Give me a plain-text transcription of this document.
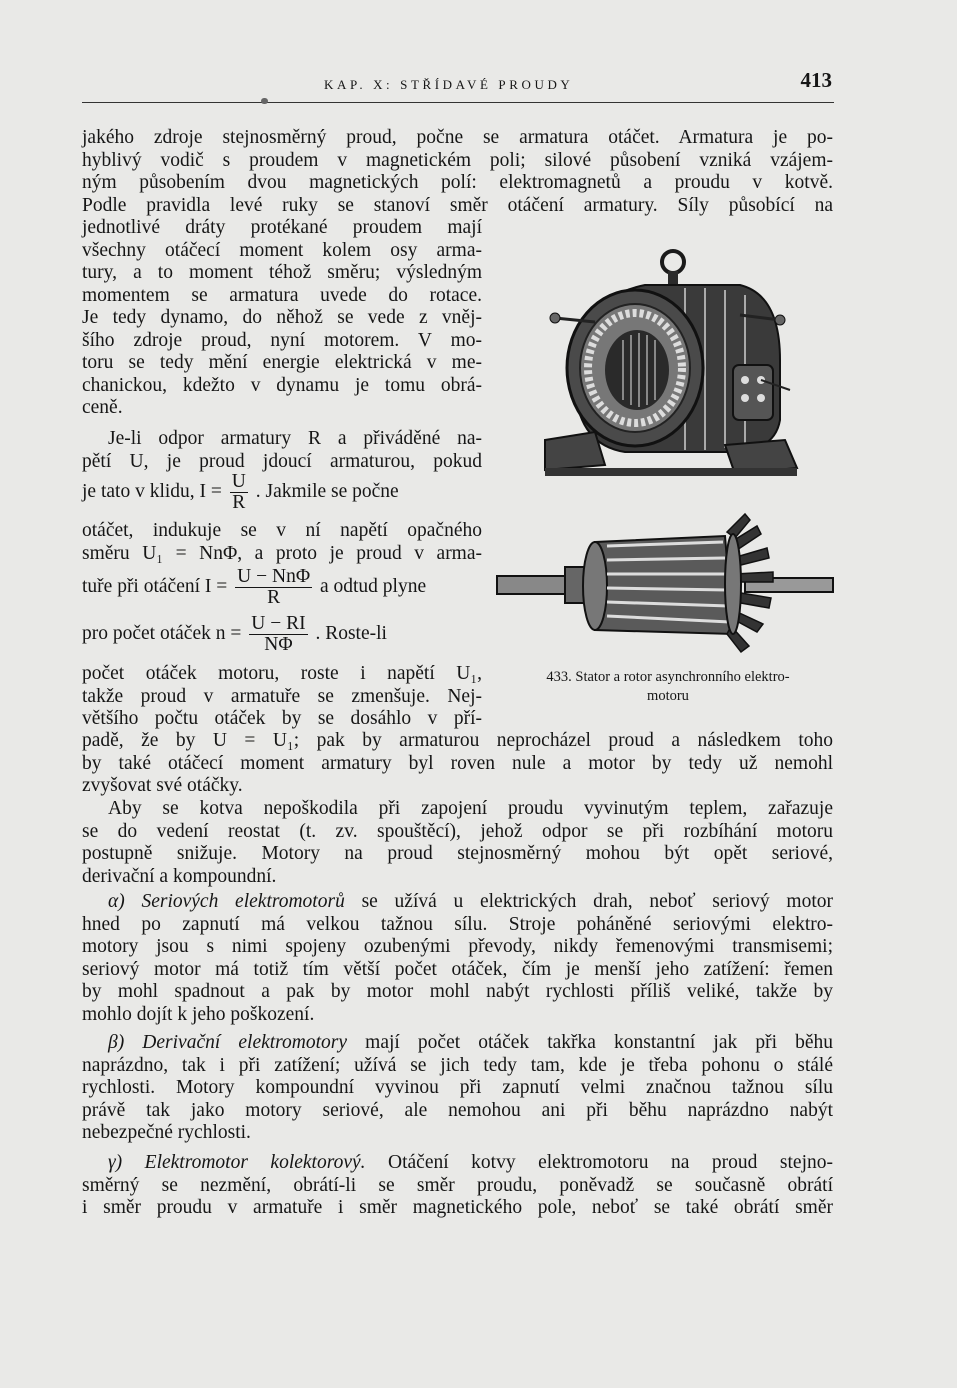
KAP. X: STŘÍDAVÉ PROUDY	413
jakého zdroje stejnosměrný proud, počne se armatura otáčet. Armatura je po-
hyblivý vodič s proudem v magnetickém poli; silové působení vzniká vzájem-
ným působením dvou magnetických polí: elektromagnetů a proudu v kotvě.
Podle pravidla levé ruky se stanoví směr otáčení armatury. Síly působící na
jednotlivé dráty protékané proudem mají
všechny otáčecí moment kolem osy arma-
tury, a to moment téhož směru; výsledným
momentem se armatura uvede do rotace.
Je tedy dynamo, do něhož se vede z vněj-
šího zdroje proud, nyní motorem. V mo-
toru se tedy mění energie elektrická v me-
chanickou, kdežto v dynamu je tomu obrá-
ceně.
Je-li odpor armatury R a přiváděné na-
pětí U, je proud jdoucí armaturou, pokud
je tato v klidu, $I = \frac{U}{R}$ . Jakmile se počne
otáčet, indukuje se v ní napětí opačného
směru U₁ = NnΦ, a proto je proud v arma-
tuře při otáčení $I = \frac{\text{U − NnΦ}}{R}$ a odtud plyne
pro počet otáček $n = \frac{U - RI}{N\Phi}$ . Roste-li
počet otáček motoru, roste i napětí U₁,
takže proud v armatuře se zmenšuje. Nej-
většího počtu otáček by se dosáhlo v pří-
padě, že by U = U₁; pak by armaturou neprocházel proud a následkem toho
by také otáčecí moment armatury byl roven nule a motor by tedy už nemohl
zvyšovat své otáčky.
Aby se kotva nepoškodila při zapojení proudu vyvinutým teplem, zařazuje
se do vedení reostat (t. zv. spouštěcí), jehož odpor se při rozbíhání motoru
postupně snižuje. Motory na proud stejnosměrný mohou být opět seriové,
derivační a kompoundní.
α) Seriových elektromotorů se užívá u elektrických drah, neboť seriový motor
hned po zapnutí má velkou tažnou sílu. Stroje poháněné seriovými elektro-
motory jsou s nimi spojeny ozubenými převody, nikdy řemenovými transmisemi;
seriový motor má totiž tím větší počet otáček, čím je menší jeho zatížení: řemen
by mohl spadnout a pak by motor mohl nabýt rychlosti příliš veliké, takže by
mohlo dojít k jeho poškození.
β) Derivační elektromotory mají počet otáček takřka konstantní jak při běhu
naprázdno, tak i při zatížení; užívá se jich tedy tam, kde je třeba pohonu o stálé
rychlosti. Motory kompoundní vyvinou při zapnutí velmi značnou tažnou sílu
právě tak jako motory seriové, ale nemohou ani při běhu naprázdno nabýt
nebezpečné rychlosti.
γ) Elektromotor kolektorový. Otáčení kotvy elektromotoru na proud stejno-
směrný se nezmění, obrátí-li se směr proudu, poněvadž se současně obrátí
i směr proudu v armatuře i směr magnetického pole, neboť se také obrátí směr
433. Stator a rotor asynchronního elektro-
motoru
